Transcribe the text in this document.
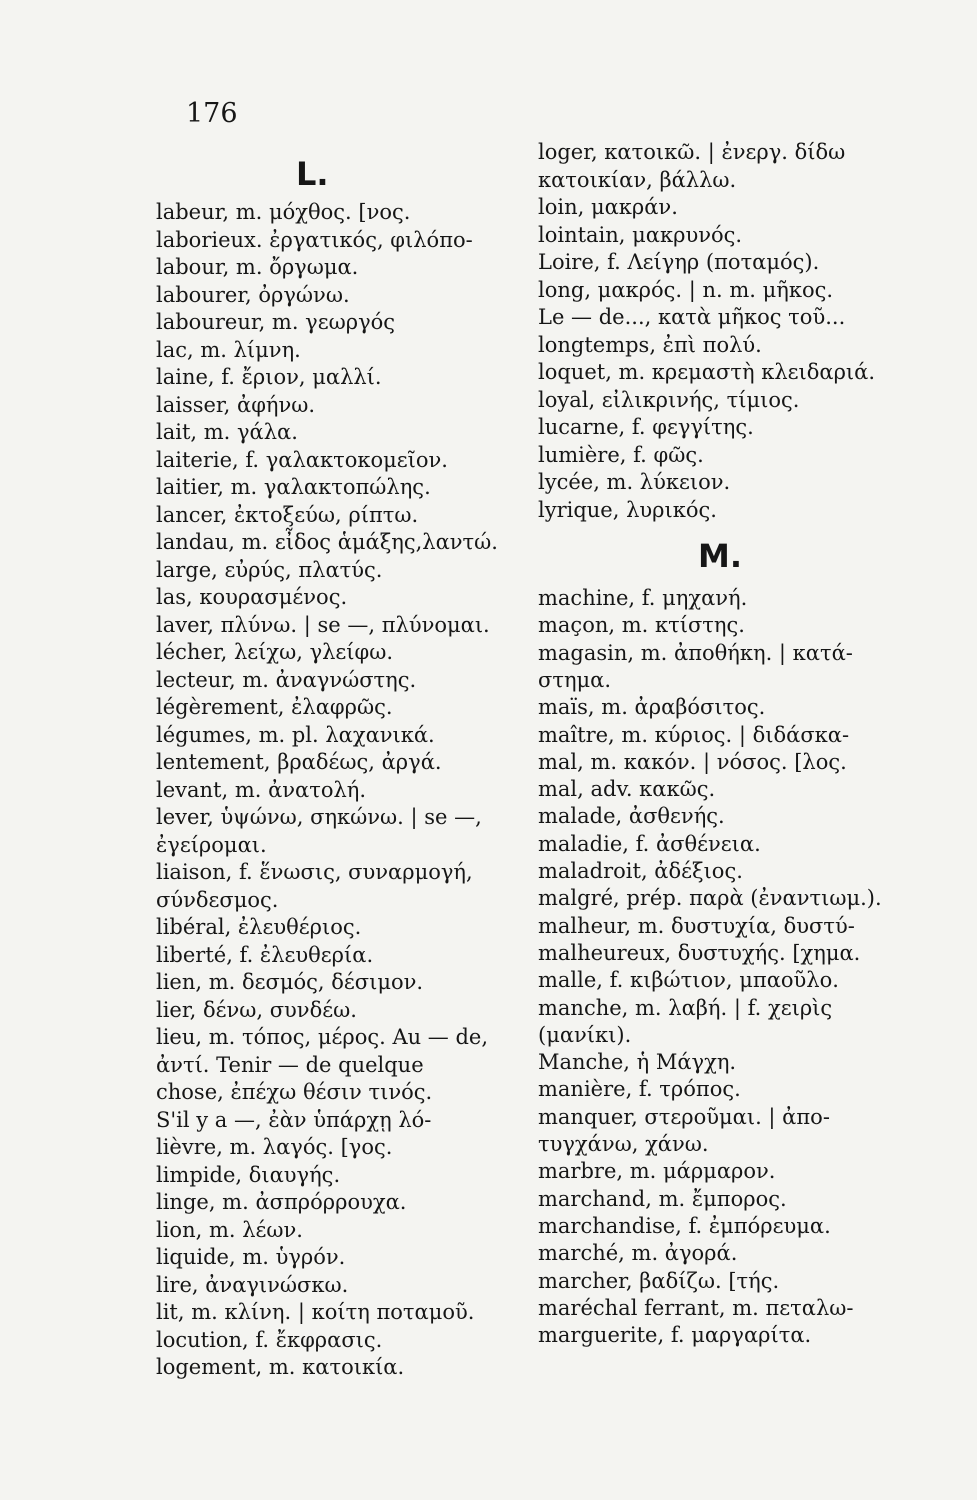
176
L.
labeur, m. μόχθος. [νος.
laborieux. ἐργατικός, φιλόπο-
labour, m. ὄργωμα.
labourer, ὀργώνω.
laboureur, m. γεωργός
lac, m. λίμνη.
laine, f. ἔριον, μαλλί.
laisser, ἀφήνω.
lait, m. γάλα.
laiterie, f. γαλακτοκομεῖον.
laitier, m. γαλακτοπώλης.
lancer, ἐκτοξεύω, ρίπτω.
landau, m. εἶδος ἁμάξης,λαντώ.
large, εὐρύς, πλατύς.
las, κουρασμένος.
laver, πλύνω. | se —, πλύνομαι.
lécher, λείχω, γλείφω.
lecteur, m. ἀναγνώστης.
légèrement, ἐλαφρῶς.
légumes, m. pl. λαχανικά.
lentement, βραδέως, ἀργά.
levant, m. ἀνατολή.
lever, ὑψώνω, σηκώνω. | se —,
ἐγείρομαι.
liaison, f. ἕνωσις, συναρμογή,
σύνδεσμος.
libéral, ἐλευθέριος.
liberté, f. ἐλευθερία.
lien, m. δεσμός, δέσιμον.
lier, δένω, συνδέω.
lieu, m. τόπος, μέρος. Au — de,
ἀντί. Tenir — de quelque
chose, ἐπέχω θέσιν τινός.
S'il y a —, ἐὰν ὑπάρχῃ λό-
lièvre, m. λαγός. [γος.
limpide, διαυγής.
linge, m. ἀσπρόρρουχα.
lion, m. λέων.
liquide, m. ὑγρόν.
lire, ἀναγινώσκω.
lit, m. κλίνη. | κοίτη ποταμοῦ.
locution, f. ἔκφρασις.
logement, m. κατοικία.
loger, κατοικῶ. | ἐνεργ. δίδω
κατοικίαν, βάλλω.
loin, μακράν.
lointain, μακρυνός.
Loire, f. Λείγηρ (ποταμός).
long, μακρός. | n. m. μῆκος.
Le — de..., κατὰ μῆκος τοῦ...
longtemps, ἐπὶ πολύ.
loquet, m. κρεμαστὴ κλειδαριά.
loyal, εἰλικρινής, τίμιος.
lucarne, f. φεγγίτης.
lumière, f. φῶς.
lycée, m. λύκειον.
lyrique, λυρικός.
M.
machine, f. μηχανή.
maçon, m. κτίστης.
magasin, m. ἀποθήκη. | κατά-
στημα.
maïs, m. ἀραβόσιτος.
maître, m. κύριος. | διδάσκα-
mal, m. κακόν. | νόσος. [λος.
mal, adv. κακῶς.
malade, ἀσθενής.
maladie, f. ἀσθένεια.
maladroit, ἀδέξιος.
malgré, prép. παρὰ (ἐναντιωμ.).
malheur, m. δυστυχία, δυστύ-
malheureux, δυστυχής. [χημα.
malle, f. κιβώτιον, μπαοῦλο.
manche, m. λαβή. | f. χειρὶς
(μανίκι).
Manche, ἡ Μάγχη.
manière, f. τρόπος.
manquer, στεροῦμαι. | ἀπο-
τυγχάνω, χάνω.
marbre, m. μάρμαρον.
marchand, m. ἔμπορος.
marchandise, f. ἐμπόρευμα.
marché, m. ἀγορά.
marcher, βαδίζω. [τής.
maréchal ferrant, m. πεταλω-
marguerite, f. μαργαρίτα.
